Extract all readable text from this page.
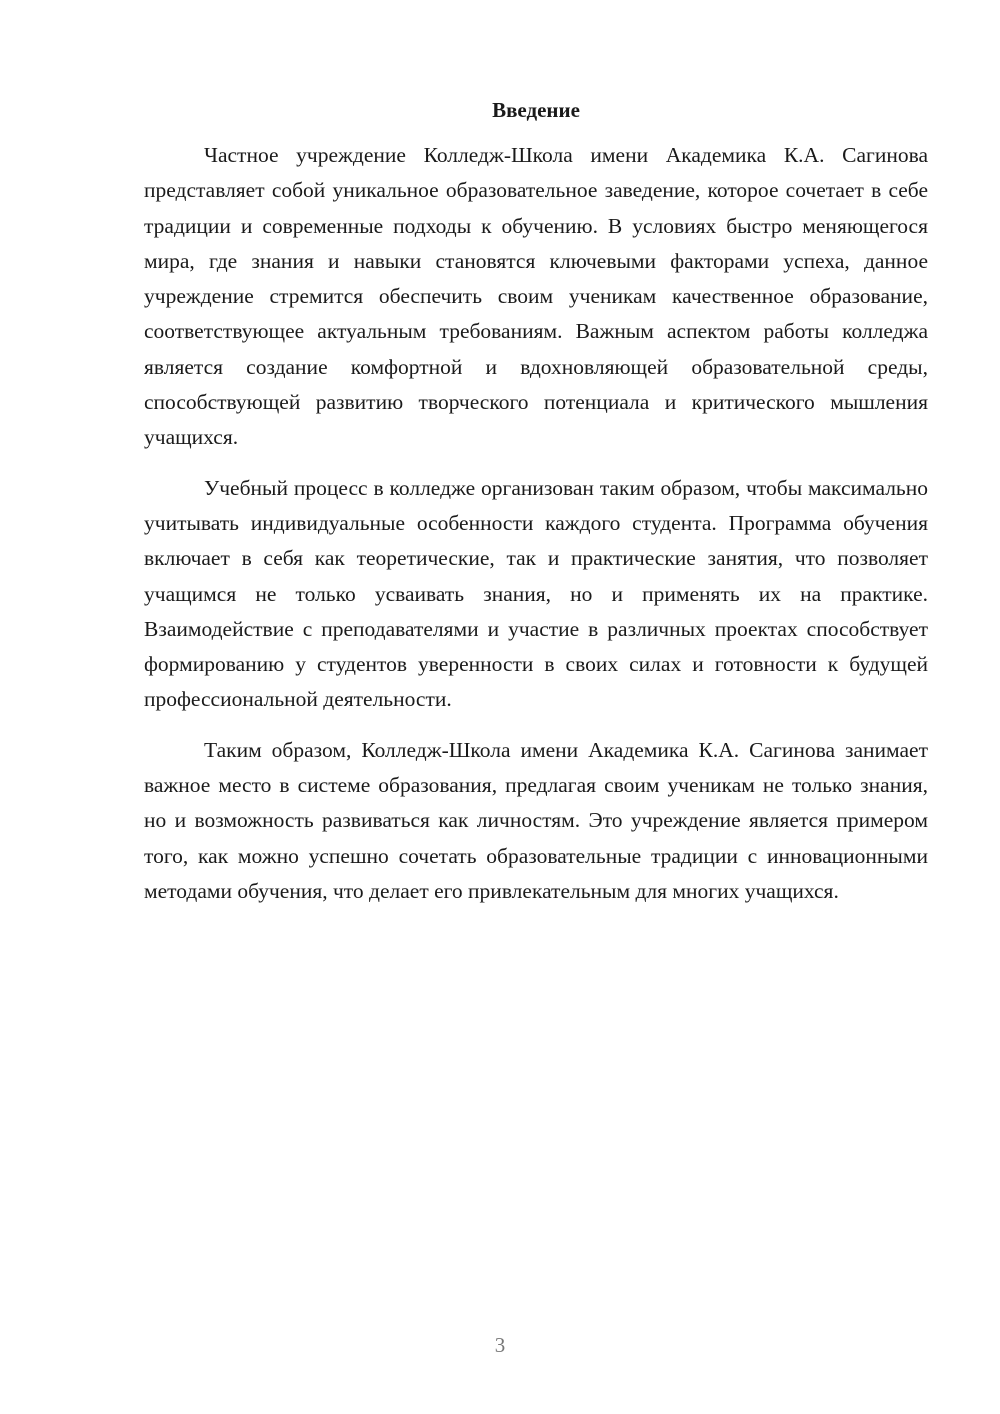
Введение

Частное учреждение Колледж-Школа имени Академика К.А. Сагинова представляет собой уникальное образовательное заведение, которое сочетает в себе традиции и современные подходы к обучению. В условиях быстро меняющегося мира, где знания и навыки становятся ключевыми факторами успеха, данное учреждение стремится обеспечить своим ученикам качественное образование, соответствующее актуальным требованиям. Важным аспектом работы колледжа является создание комфортной и вдохновляющей образовательной среды, способствующей развитию творческого потенциала и критического мышления учащихся.

Учебный процесс в колледже организован таким образом, чтобы максимально учитывать индивидуальные особенности каждого студента. Программа обучения включает в себя как теоретические, так и практические занятия, что позволяет учащимся не только усваивать знания, но и применять их на практике. Взаимодействие с преподавателями и участие в различных проектах способствует формированию у студентов уверенности в своих силах и готовности к будущей профессиональной деятельности.

Таким образом, Колледж-Школа имени Академика К.А. Сагинова занимает важное место в системе образования, предлагая своим ученикам не только знания, но и возможность развиваться как личностям. Это учреждение является примером того, как можно успешно сочетать образовательные традиции с инновационными методами обучения, что делает его привлекательным для многих учащихся.

3
